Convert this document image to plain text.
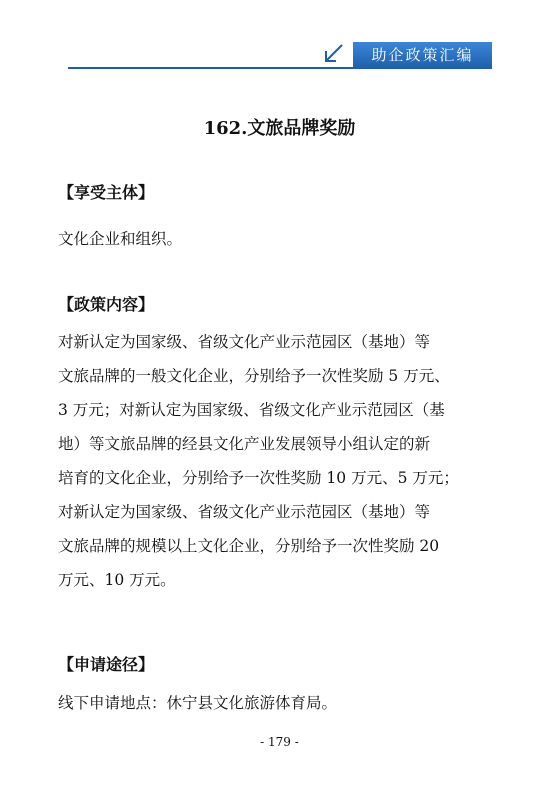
助企政策汇编
162.文旅品牌奖励
【享受主体】

文化企业和组织。

【政策内容】

对新认定为国家级、省级文化产业示范园区（基地）等
文旅品牌的一般文化企业，分别给予一次性奖励 5 万元、
3 万元；对新认定为国家级、省级文化产业示范园区（基
地）等文旅品牌的经县文化产业发展领导小组认定的新
培育的文化企业，分别给予一次性奖励 10 万元、5 万元；
对新认定为国家级、省级文化产业示范园区（基地）等
文旅品牌的规模以上文化企业，分别给予一次性奖励 20
万元、10 万元。

【申请途径】

线下申请地点：休宁县文化旅游体育局。

- 179 -
